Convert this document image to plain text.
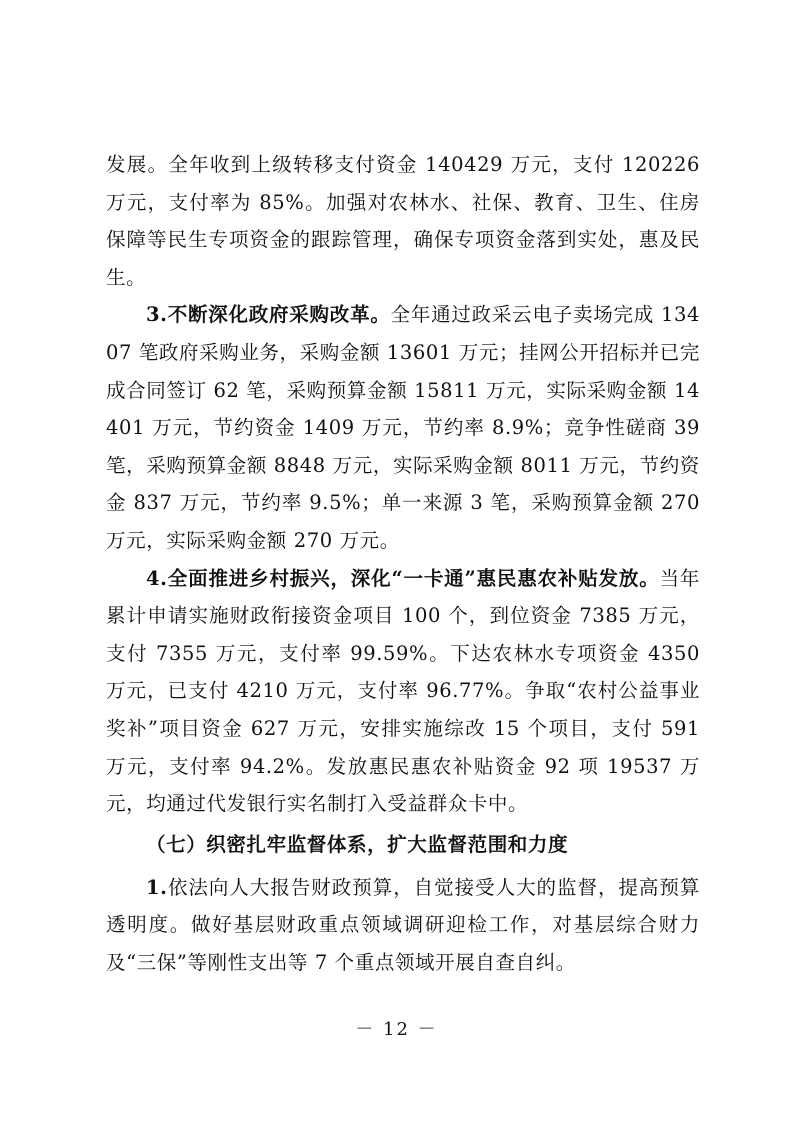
发展。全年收到上级转移支付资金 140429 万元，支付 120226 万元，支付率为 85%。加强对农林水、社保、教育、卫生、住房保障等民生专项资金的跟踪管理，确保专项资金落到实处，惠及民生。

3.不断深化政府采购改革。全年通过政采云电子卖场完成 13407 笔政府采购业务，采购金额 13601 万元；挂网公开招标并已完成合同签订 62 笔，采购预算金额 15811 万元，实际采购金额 14401 万元，节约资金 1409 万元，节约率 8.9%；竞争性磋商 39 笔，采购预算金额 8848 万元，实际采购金额 8011 万元，节约资金 837 万元，节约率 9.5%；单一来源 3 笔，采购预算金额 270 万元，实际采购金额 270 万元。

4.全面推进乡村振兴，深化“一卡通”惠民惠农补贴发放。当年累计申请实施财政衔接资金项目 100 个，到位资金 7385 万元，支付 7355 万元，支付率 99.59%。下达农林水专项资金 4350 万元，已支付 4210 万元，支付率 96.77%。争取“农村公益事业奖补”项目资金 627 万元，安排实施综改 15 个项目，支付 591 万元，支付率 94.2%。发放惠民惠农补贴资金 92 项 19537 万元，均通过代发银行实名制打入受益群众卡中。

（七）织密扎牢监督体系，扩大监督范围和力度

1.依法向人大报告财政预算，自觉接受人大的监督，提高预算透明度。做好基层财政重点领域调研迎检工作，对基层综合财力及“三保”等刚性支出等 7 个重点领域开展自查自纠。

－ 12 －
